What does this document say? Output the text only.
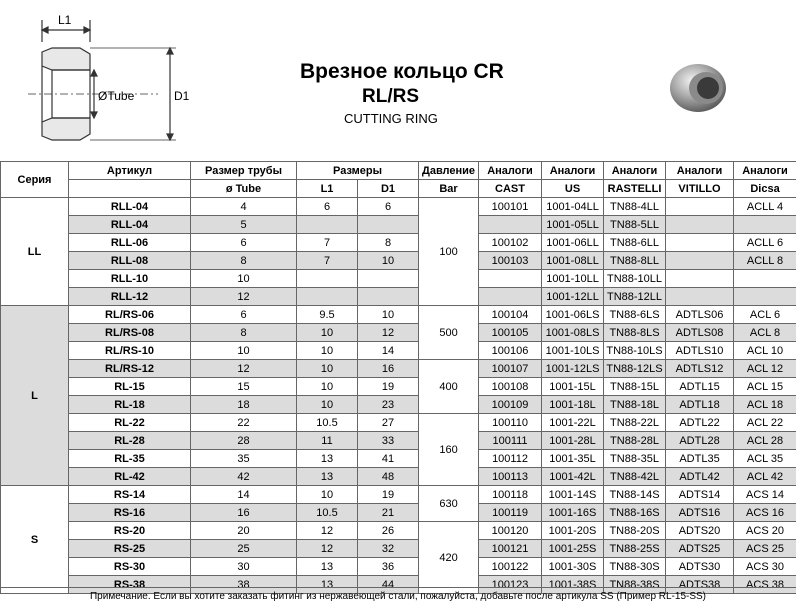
L1
ØTube	D1
Врезное кольцо CR
RL/RS
CUTTING RING
Серия	Артикул	Размер трубы	Размеры		Давление	Аналоги	Аналоги	Аналоги	Аналоги	Аналоги
		ø Tube	L1	D1	Bar	CAST	US	RASTELLI	VITILLO	Dicsa
LL	RLL-04	4	6	6	100	100101	1001-04LL	TN88-4LL		ACLL 4
	RLL-04	5					1001-05LL	TN88-5LL		
	RLL-06	6	7	8		100102	1001-06LL	TN88-6LL		ACLL 6
	RLL-08	8	7	10		100103	1001-08LL	TN88-8LL		ACLL 8
	RLL-10	10					1001-10LL	TN88-10LL		
	RLL-12	12					1001-12LL	TN88-12LL		
L	RL/RS-06	6	9.5	10	500	100104	1001-06LS	TN88-6LS	ADTLS06	ACL 6
	RL/RS-08	8	10	12		100105	1001-08LS	TN88-8LS	ADTLS08	ACL 8
	RL/RS-10	10	10	14		100106	1001-10LS	TN88-10LS	ADTLS10	ACL 10
	RL/RS-12	12	10	16	400	100107	1001-12LS	TN88-12LS	ADTLS12	ACL 12
	RL-15	15	10	19		100108	1001-15L	TN88-15L	ADTL15	ACL 15
	RL-18	18	10	23		100109	1001-18L	TN88-18L	ADTL18	ACL 18
	RL-22	22	10.5	27	160	100110	1001-22L	TN88-22L	ADTL22	ACL 22
	RL-28	28	11	33		100111	1001-28L	TN88-28L	ADTL28	ACL 28
	RL-35	35	13	41		100112	1001-35L	TN88-35L	ADTL35	ACL 35
	RL-42	42	13	48		100113	1001-42L	TN88-42L	ADTL42	ACL 42
S	RS-14	14	10	19	630	100118	1001-14S	TN88-14S	ADTS14	ACS 14
	RS-16	16	10.5	21		100119	1001-16S	TN88-16S	ADTS16	ACS 16
	RS-20	20	12	26	420	100120	1001-20S	TN88-20S	ADTS20	ACS 20
	RS-25	25	12	32		100121	1001-25S	TN88-25S	ADTS25	ACS 25
	RS-30	30	13	36		100122	1001-30S	TN88-30S	ADTS30	ACS 30
	RS-38	38	13	44		100123	1001-38S	TN88-38S	ADTS38	ACS 38
Примечание. Если вы хотите заказать фитинг из нержавеющей стали, пожалуйста, добавьте после артикула SS (Пример RL-15-SS)
